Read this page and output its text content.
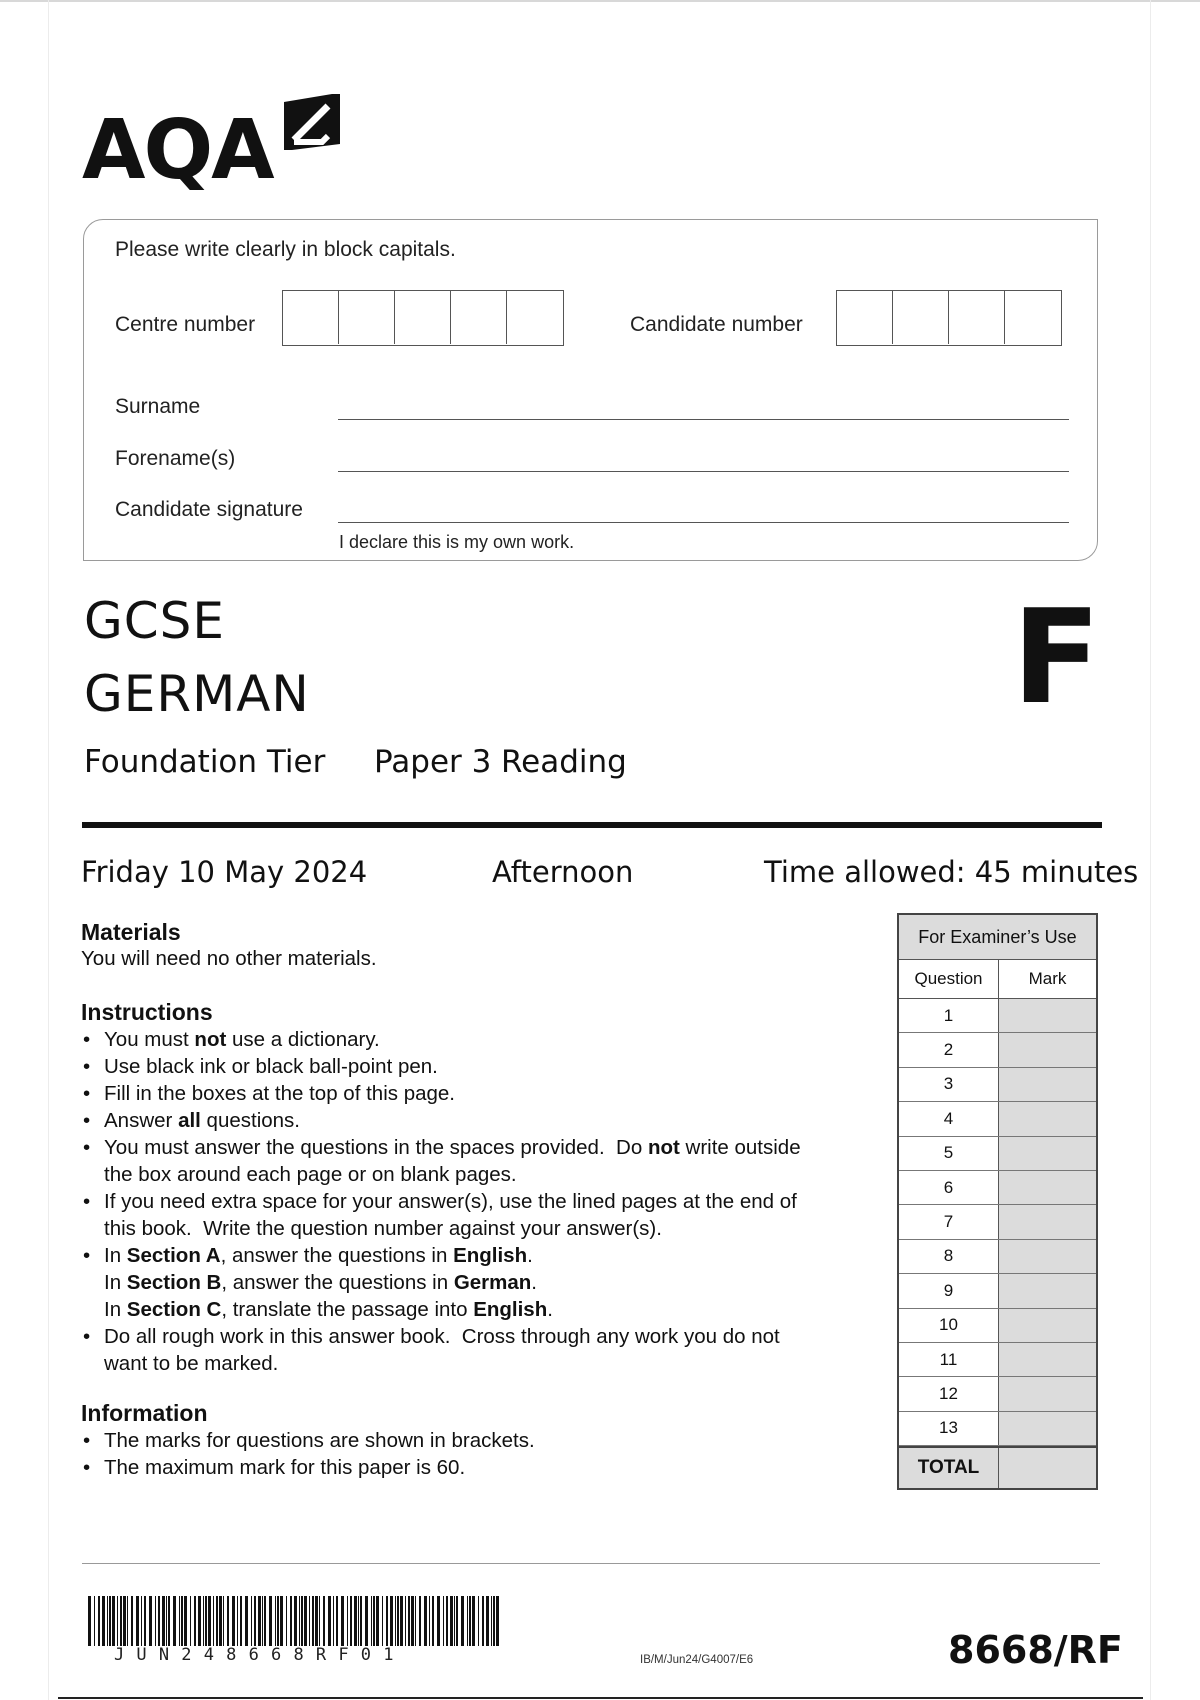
AQA
Please write clearly in block capitals.
Centre number	Candidate number
Surname
Forename(s)
Candidate signature
I declare this is my own work.
GCSE
GERMAN	F
Foundation Tier Paper 3 Reading
Friday 10 May 2024	Afternoon	Time allowed: 45 minutes
Materials
You will need no other materials.
Instructions
• You must not use a dictionary.
• Use black ink or black ball-point pen.
• Fill in the boxes at the top of this page.
• Answer all questions.
• You must answer the questions in the spaces provided.  Do not write outside
the box around each page or on blank pages.
• If you need extra space for your answer(s), use the lined pages at the end of
this book.  Write the question number against your answer(s).
• In Section A, answer the questions in English.
In Section B, answer the questions in German.
In Section C, translate the passage into English.
• Do all rough work in this answer book.  Cross through any work you do not
want to be marked.
Information
• The marks for questions are shown in brackets.
• The maximum mark for this paper is 60.
For Examiner’s Use
Question	Mark
1
2
3
4
5
6
7
8
9
10
11
12
13
TOTAL
JUN248668RF01	IB/M/Jun24/G4007/E6	8668/RF
